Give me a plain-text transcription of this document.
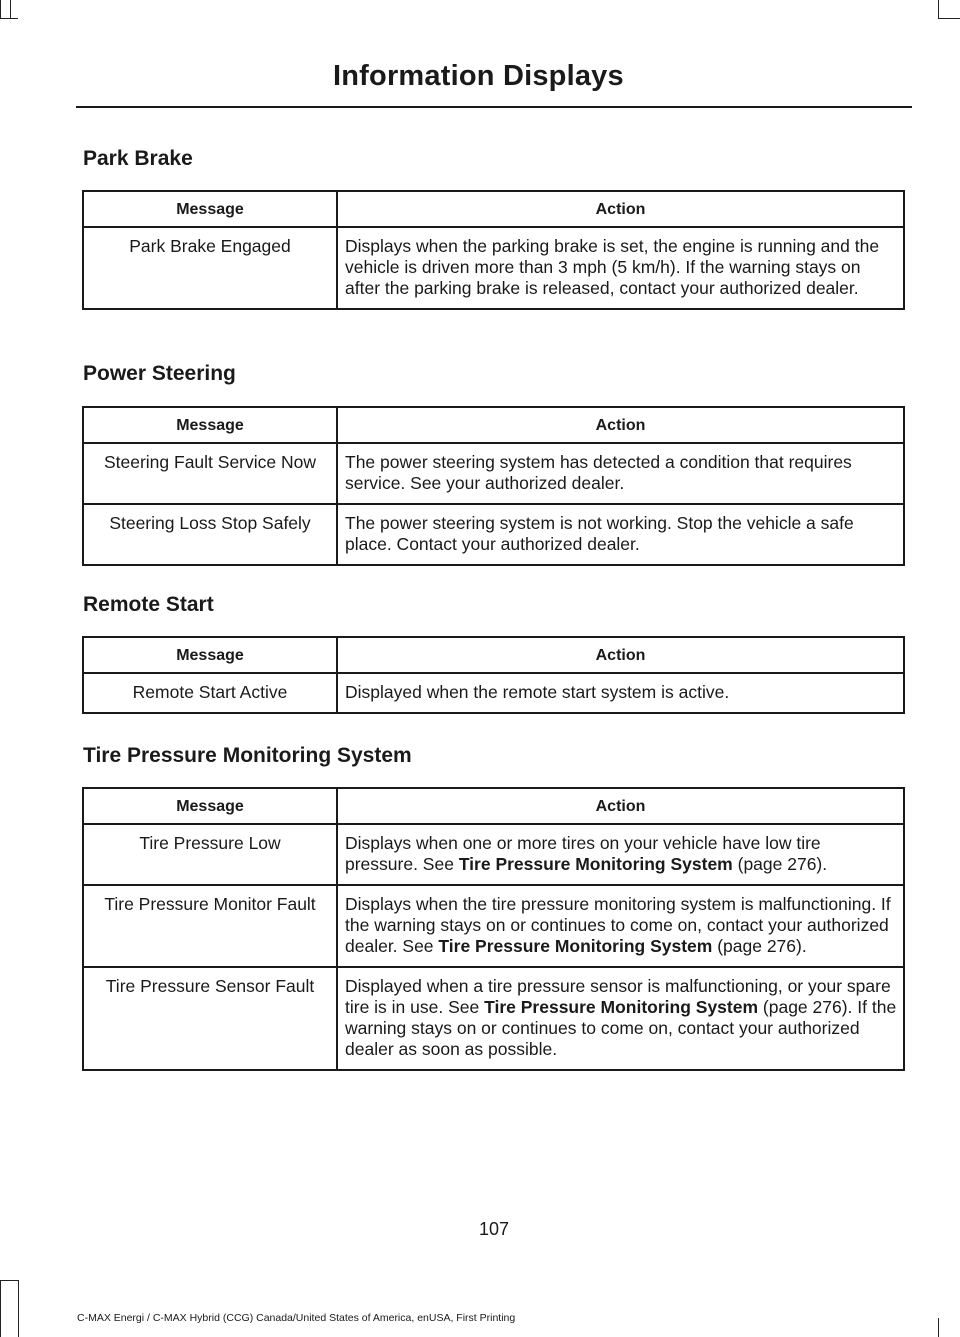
Information Displays
Park Brake
Message	Action
Park Brake Engaged	Displays when the parking brake is set, the engine is running and the vehicle is driven more than 3 mph (5 km/h). If the warning stays on after the parking brake is released, contact your authorized dealer.
Power Steering
Message	Action
Steering Fault Service Now	The power steering system has detected a condition that requires service. See your authorized dealer.
Steering Loss Stop Safely	The power steering system is not working. Stop the vehicle a safe place. Contact your authorized dealer.
Remote Start
Message	Action
Remote Start Active	Displayed when the remote start system is active.
Tire Pressure Monitoring System
Message	Action
Tire Pressure Low	Displays when one or more tires on your vehicle have low tire pressure. See Tire Pressure Monitoring System (page 276).
Tire Pressure Monitor Fault	Displays when the tire pressure monitoring system is malfunctioning. If the warning stays on or continues to come on, contact your authorized dealer. See Tire Pressure Monitoring System (page 276).
Tire Pressure Sensor Fault	Displayed when a tire pressure sensor is malfunctioning, or your spare tire is in use. See Tire Pressure Monitoring System (page 276). If the warning stays on or continues to come on, contact your authorized dealer as soon as possible.
107
C-MAX Energi / C-MAX Hybrid (CCG) Canada/United States of America, enUSA, First Printing
